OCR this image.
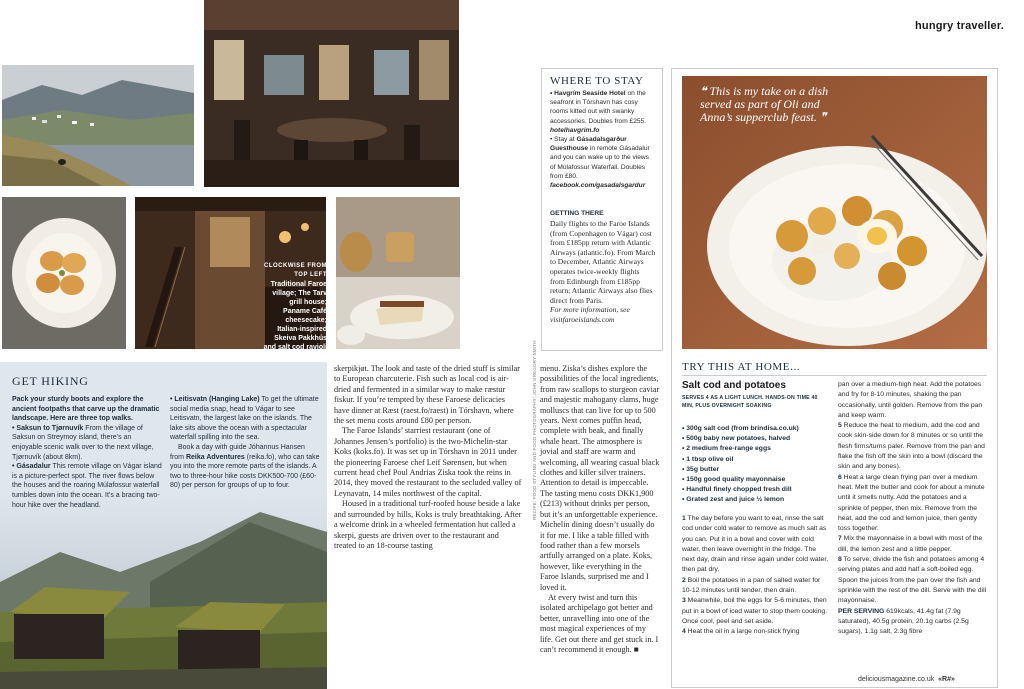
CLOCKWISE FROM TOP LEFT
Traditional Faroe village; The Tarv grill house; Paname Café cheesecake; Italian-inspired Skeiva Pakkhús and salt cod ravioli
GET HIKING

Pack your sturdy boots and explore the ancient footpaths that carve up the dramatic landscape. Here are three top walks.

• Saksun to Tjørnuvík From the village of Saksun on Streymoy island, there’s an enjoyable scenic walk over to the next village, Tjørnuvík (about 8km).

• Gásadalur This remote village on Vágar island is a picture-perfect spot. The river flows below the houses and the roaring Múlafossur waterfall tumbles down into the ocean. It’s a bracing two-hour hike over the headland.

• Leitisvatn (Hanging Lake) To get the ultimate social media snap, head to Vágar to see Leitisvatn, the largest lake on the islands. The lake sits above the ocean with a spectacular waterfall spilling into the sea.

Book a day with guide Jóhannus Hansen from Reika Adventures (reika.fo), who can take you into the more remote parts of the islands. A two to three-hour hike costs DKK500-700 (£60-80) per person for groups of up to four.

skerpikjøt. The look and taste of the dried stuff is similar to European charcuterie. Fish such as local cod is air-dried and fermented in a similar way to make ræstur fiskur. If you’re tempted by these Faroese delicacies have dinner at Ræst (raest.fo/raest) in Tórshavn, where the set menu costs around £80 per person.

The Faroe Islands’ starriest restaurant (one of Johannes Jensen’s portfolio) is the two-Michelin-star Koks (koks.fo). It was set up in Tórshavn in 2011 under the pioneering Faroese chef Leif Sørensen, but when current head chef Poul Andrias Ziska took the reins in 2014, they moved the restaurant to the secluded valley of Leynavatn, 14 miles northwest of the capital.

Housed in a traditional turf-roofed house beside a lake and surrounded by hills, Koks is truly breathtaking. After a welcome drink in a wheeled fermentation hut called a skerpi, guests are driven over to the restaurant and treated to an 18-course tasting

menu. Ziska’s dishes explore the possibilities of the local ingredients, from raw scallops to sturgeon caviar and majestic mahogany clams, huge molluscs that can live for up to 500 years. Next comes puffin head, complete with beak, and finally whale heart. The atmosphere is jovial and staff are warm and welcoming, all wearing casual black clothes and killer silver trainers. Attention to detail is impeccable. The tasting menu costs DKK1,900 (£213) without drinks per person, but it’s an unforgettable experience. Michelin dining doesn’t usually do it for me. I like a table filled with food rather than a few morsels artfully arranged on a plate. Koks, however, like everything in the Faroe Islands, surprised me and I loved it.

At every twist and turn this isolated archipelago got better and better, unravelling into one of the most magical experiences of my life. Get out there and get stuck in. I can’t recommend it enough. ■

RECIPE: FOOD STYLING AND FOOD PHOTOGRAPHY: JOHN GREGORY-SMITH
hungry traveller.
WHERE TO STAY

• Havgrím Seaside Hotel on the seafront in Tórshavn has cosy rooms kitted out with swanky accessories. Doubles from £255. hotelhavgrim.fo

• Stay at Gásadalsgarður Guesthouse in remote Gásadalur and you can wake up to the views of Múlafossur Waterfall. Doubles from £80. facebook.com/gasadalsgardur

GETTING THERE
Daily flights to the Faroe Islands (from Copenhagen to Vágar) cost from £185pp return with Atlantic Airways (atlantic.fo). From March to December, Atlantic Airways operates twice-weekly flights from Edinburgh from £185pp return; Atlantic Airways also flies direct from Paris.
For more information, see visitfaroeislands.com
❝ This is my take on a dish served as part of Oli and Anna’s supperclub feast. ❞
TRY THIS AT HOME...
Salt cod and potatoes
SERVES 4 AS A LIGHT LUNCH. HANDS-ON TIME 40 MIN, PLUS OVERNIGHT SOAKING
• 300g salt cod (from brindisa.co.uk)
• 500g baby new potatoes, halved
• 2 medium free-range eggs
• 1 tbsp olive oil
• 35g butter
• 150g good quality mayonnaise
• Handful finely chopped fresh dill
• Grated zest and juice ½ lemon

1 The day before you want to eat, rinse the salt cod under cold water to remove as much salt as you can. Put it in a bowl and cover with cold water, then leave overnight in the fridge. The next day, drain and rinse again under cold water, then pat dry.

2 Boil the potatoes in a pan of salted water for 10-12 minutes until tender, then drain.

3 Meanwhile, boil the eggs for 5-6 minutes, then put in a bowl of iced water to stop them cooking. Once cool, peel and set aside.

4 Heat the oil in a large non-stick frying

pan over a medium-high heat. Add the potatoes and fry for 8-10 minutes, shaking the pan occasionally, until golden. Remove from the pan and keep warm.

5 Reduce the heat to medium, add the cod and cook skin-side down for 8 minutes or so until the flesh firms/turns paler. Remove from the pan and flake the fish off the skin into a bowl (discard the skin and any bones).

6 Heat a large clean frying pan over a medium heat. Melt the butter and cook for about a minute until it smells nutty. Add the potatoes and a sprinkle of pepper, then mix. Remove from the heat, add the cod and lemon juice, then gently toss together.

7 Mix the mayonnaise in a bowl with most of the dill, the lemon zest and a little pepper.

8 To serve, divide the fish and potatoes among 4 serving plates and add half a soft-boiled egg. Spoon the juices from the pan over the fish and sprinkle with the rest of the dill. Serve with the dill mayonnaise.

PER SERVING 619kcals, 41.4g fat (7.9g saturated), 40.5g protein, 20.1g carbs (2.5g sugars), 1.1g salt, 2.3g fibre

deliciousmagazine.co.uk «R#»
